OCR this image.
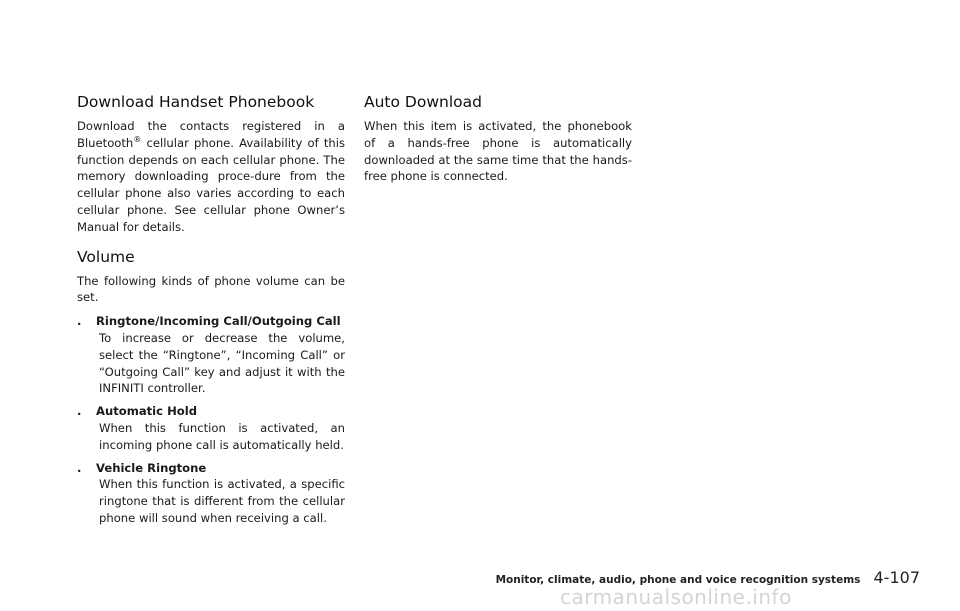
Download Handset Phonebook

Download the contacts registered in a Bluetooth® cellular phone. Availability of this function depends on each cellular phone. The memory downloading proce-dure from the cellular phone also varies according to each cellular phone. See cellular phone Owner’s Manual for details.

Volume

The following kinds of phone volume can be set.

. Ringtone/Incoming Call/Outgoing Call

To increase or decrease the volume, select the “Ringtone”, “Incoming Call” or “Outgoing Call” key and adjust it with the INFINITI controller.

. Automatic Hold

When this function is activated, an incoming phone call is automatically held.

. Vehicle Ringtone

When this function is activated, a specific ringtone that is different from the cellular phone will sound when receiving a call.

Auto Download

When this item is activated, the phonebook of a hands-free phone is automatically downloaded at the same time that the hands-free phone is connected.

Monitor, climate, audio, phone and voice recognition systems 4-107
carmanualsonline.info
